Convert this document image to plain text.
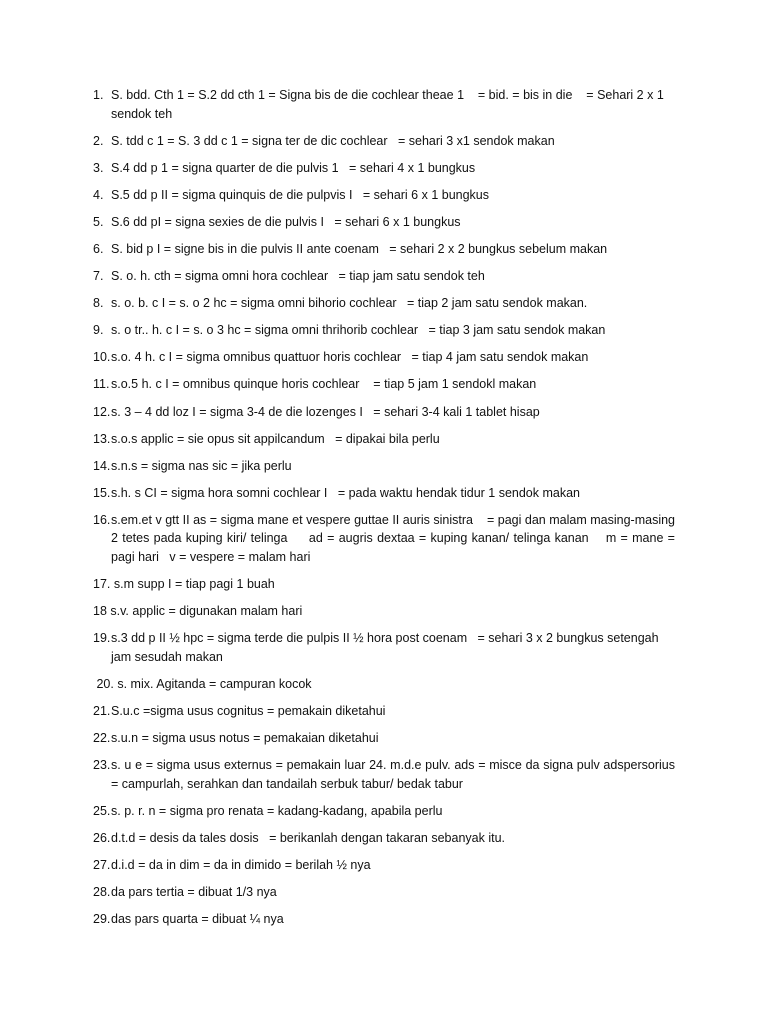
1. S. bdd. Cth 1 = S.2 dd cth 1 = Signa bis de die cochlear theae 1    = bid. = bis in die    = Sehari 2 x 1 sendok teh
2. S. tdd c 1 = S. 3 dd c 1 = signa ter de dic cochlear   = sehari 3 x1 sendok makan
3. S.4 dd p 1 = signa quarter de die pulvis 1   = sehari 4 x 1 bungkus
4. S.5 dd p II = sigma quinquis de die pulpvis I   = sehari 6 x 1 bungkus
5. S.6 dd pI = signa sexies de die pulvis I   = sehari 6 x 1 bungkus
6. S. bid p I = signe bis in die pulvis II ante coenam   = sehari 2 x 2 bungkus sebelum makan
7. S. o. h. cth = sigma omni hora cochlear   = tiap jam satu sendok teh
8. s. o. b. c I = s. o 2 hc = sigma omni bihorio cochlear   = tiap 2 jam satu sendok makan.
9. s. o tr.. h. c I = s. o 3 hc = sigma omni thrihorib cochlear   = tiap 3 jam satu sendok makan
10. s.o. 4 h. c I = sigma omnibus quattuor horis cochlear   = tiap 4 jam satu sendok makan
11. s.o.5 h. c I = omnibus quinque horis cochlear    = tiap 5 jam 1 sendokl makan
12. s. 3 – 4 dd loz I = sigma 3-4 de die lozenges I   = sehari 3-4 kali 1 tablet hisap
13. s.o.s applic = sie opus sit appilcandum   = dipakai bila perlu
14. s.n.s = sigma nas sic = jika perlu
15. s.h. s CI = sigma hora somni cochlear I   = pada waktu hendak tidur 1 sendok makan
16. s.em.et v gtt II as = sigma mane et vespere guttae II auris sinistra    = pagi dan malam masing-masing 2 tetes pada kuping kiri/ telinga     ad = augris dextaa = kuping kanan/ telinga kanan    m = mane = pagi hari   v = vespere = malam hari
17. s.m supp I = tiap pagi 1 buah
18 s.v. applic = digunakan malam hari
19. s.3 dd p II ½ hpc = sigma terde die pulpis II ½ hora post coenam   = sehari 3 x 2 bungkus setengah jam sesudah makan
20. s. mix. Agitanda = campuran kocok
21. S.u.c =sigma usus cognitus = pemakain diketahui
22. s.u.n = sigma usus notus = pemakaian diketahui
23. s. u e = sigma usus externus = pemakain luar 24. m.d.e pulv. ads = misce da signa pulv adspersorius   = campurlah, serahkan dan tandailah serbuk tabur/ bedak tabur
25. s. p. r. n = sigma pro renata = kadang-kadang, apabila perlu
26. d.t.d = desis da tales dosis   = berikanlah dengan takaran sebanyak itu.
27. d.i.d = da in dim = da in dimido = berilah ½ nya
28. da pars tertia = dibuat 1/3 nya
29. das pars quarta = dibuat ¼ nya
